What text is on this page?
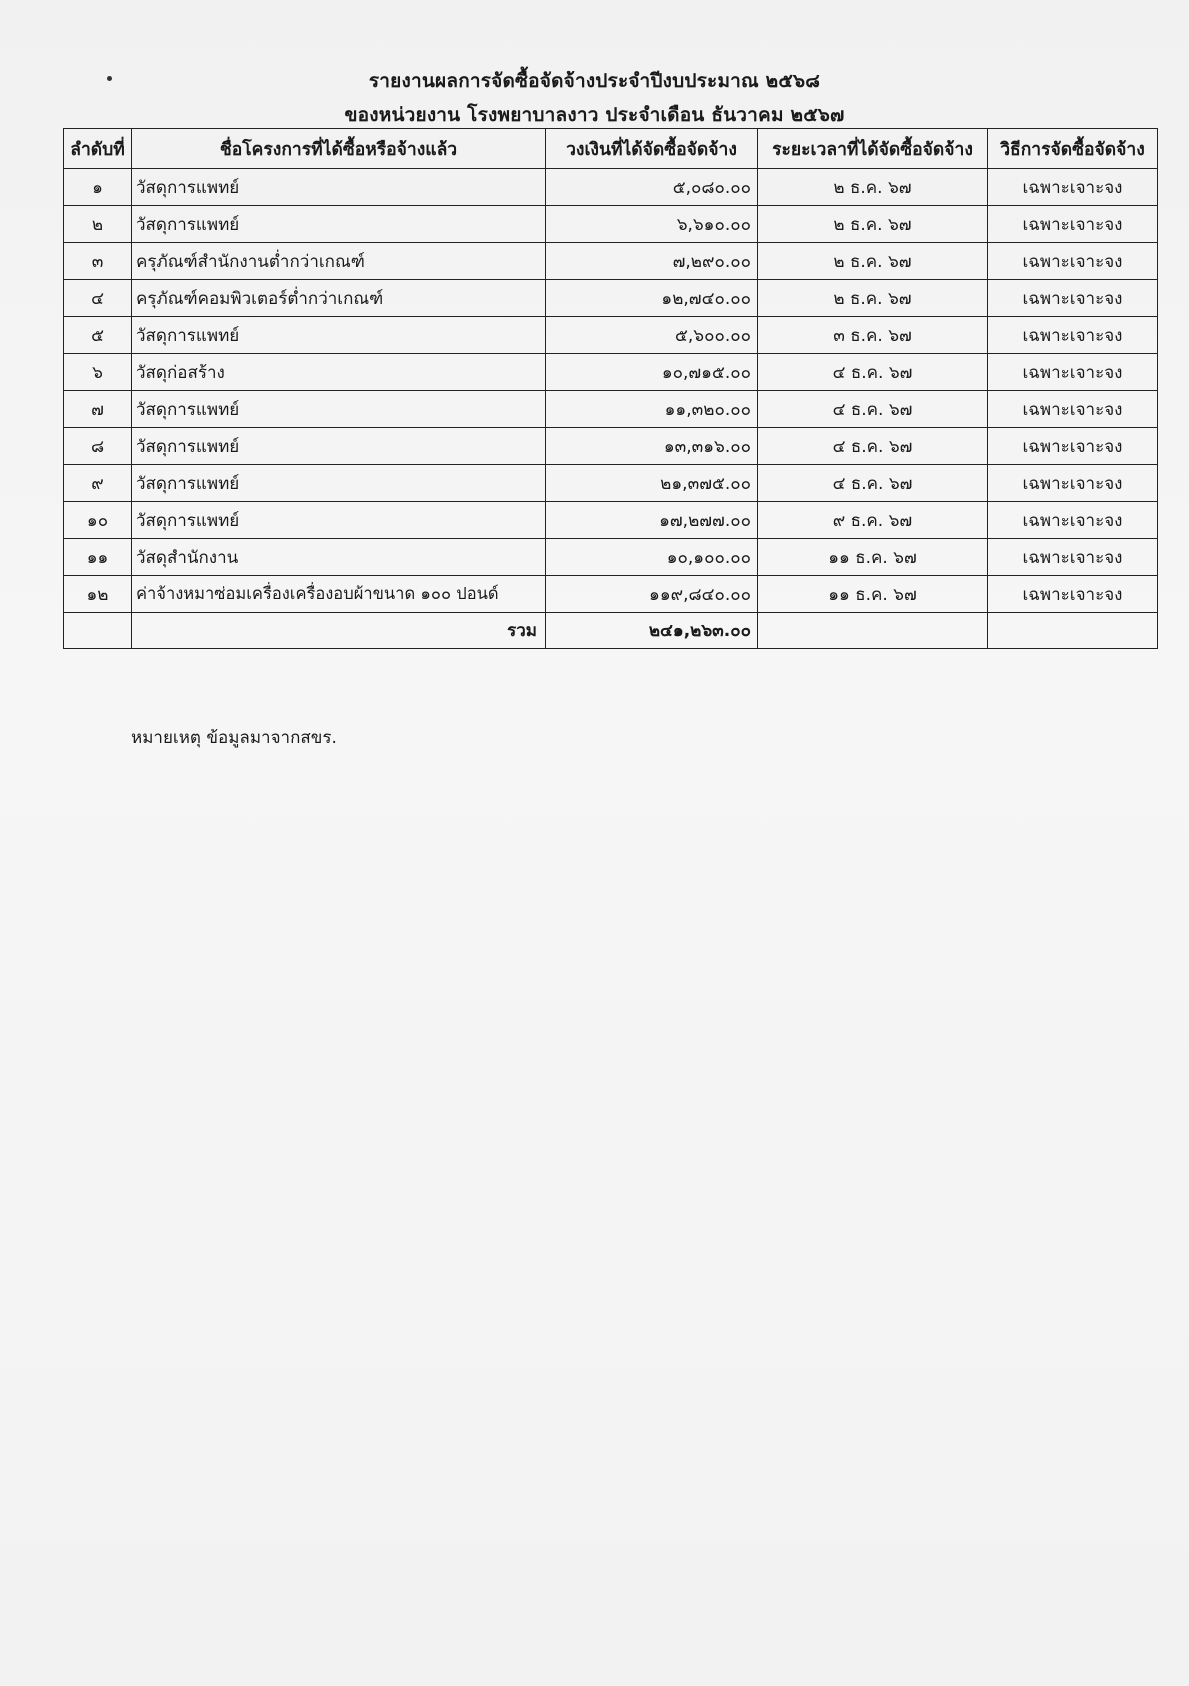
รายงานผลการจัดซื้อจัดจ้างประจำปีงบประมาณ ๒๕๖๘
ของหน่วยงาน โรงพยาบาลงาว ประจำเดือน ธันวาคม ๒๕๖๗
ลำดับที่	ชื่อโครงการที่ได้ซื้อหรือจ้างแล้ว	วงเงินที่ได้จัดซื้อจัดจ้าง	ระยะเวลาที่ได้จัดซื้อจัดจ้าง	วิธีการจัดซื้อจัดจ้าง
๑	วัสดุการแพทย์	๕,๐๘๐.๐๐	๒ ธ.ค. ๖๗	เฉพาะเจาะจง
๒	วัสดุการแพทย์	๖,๖๑๐.๐๐	๒ ธ.ค. ๖๗	เฉพาะเจาะจง
๓	ครุภัณฑ์สำนักงานต่ำกว่าเกณฑ์	๗,๒๙๐.๐๐	๒ ธ.ค. ๖๗	เฉพาะเจาะจง
๔	ครุภัณฑ์คอมพิวเตอร์ต่ำกว่าเกณฑ์	๑๒,๗๔๐.๐๐	๒ ธ.ค. ๖๗	เฉพาะเจาะจง
๕	วัสดุการแพทย์	๕,๖๐๐.๐๐	๓ ธ.ค. ๖๗	เฉพาะเจาะจง
๖	วัสดุก่อสร้าง	๑๐,๗๑๕.๐๐	๔ ธ.ค. ๖๗	เฉพาะเจาะจง
๗	วัสดุการแพทย์	๑๑,๓๒๐.๐๐	๔ ธ.ค. ๖๗	เฉพาะเจาะจง
๘	วัสดุการแพทย์	๑๓,๓๑๖.๐๐	๔ ธ.ค. ๖๗	เฉพาะเจาะจง
๙	วัสดุการแพทย์	๒๑,๓๗๕.๐๐	๔ ธ.ค. ๖๗	เฉพาะเจาะจง
๑๐	วัสดุการแพทย์	๑๗,๒๗๗.๐๐	๙ ธ.ค. ๖๗	เฉพาะเจาะจง
๑๑	วัสดุสำนักงาน	๑๐,๑๐๐.๐๐	๑๑ ธ.ค. ๖๗	เฉพาะเจาะจง
๑๒	ค่าจ้างหมาซ่อมเครื่องเครื่องอบผ้าขนาด ๑๐๐ ปอนด์	๑๑๙,๘๔๐.๐๐	๑๑ ธ.ค. ๖๗	เฉพาะเจาะจง
	รวม	๒๔๑,๒๖๓.๐๐		
หมายเหตุ ข้อมูลมาจากสขร.
